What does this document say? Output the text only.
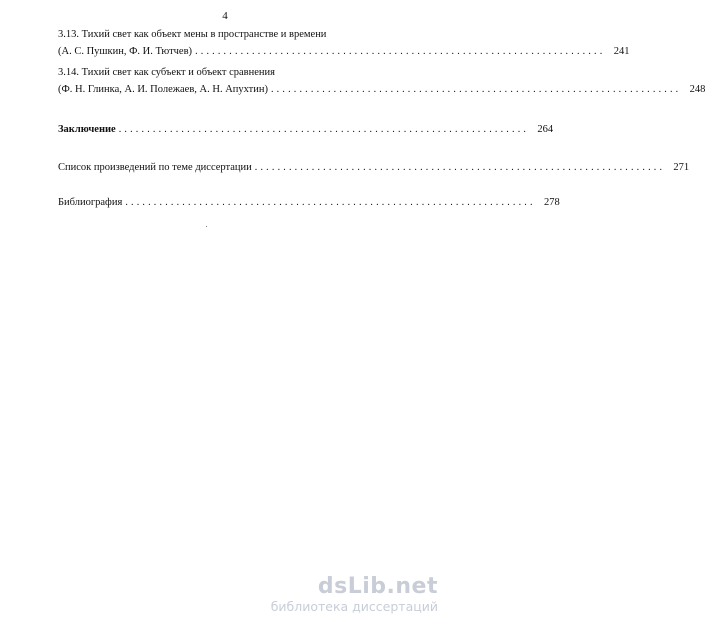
4
3.13. Тихий свет как объект мены в пространстве и времени
(А. С. Пушкин, Ф. И. Тютчев) ........................................................................ 241
3.14. Тихий свет как субъект и объект сравнения
(Ф. Н. Глинка, А. И. Полежаев, А. Н. Апухтин) ........................................................................ 248
Заключение ........................................................................ 264
Список произведений по теме диссертации ........................................................................ 271
Библиография ........................................................................ 278
dsLib.net
библиотека диссертаций
